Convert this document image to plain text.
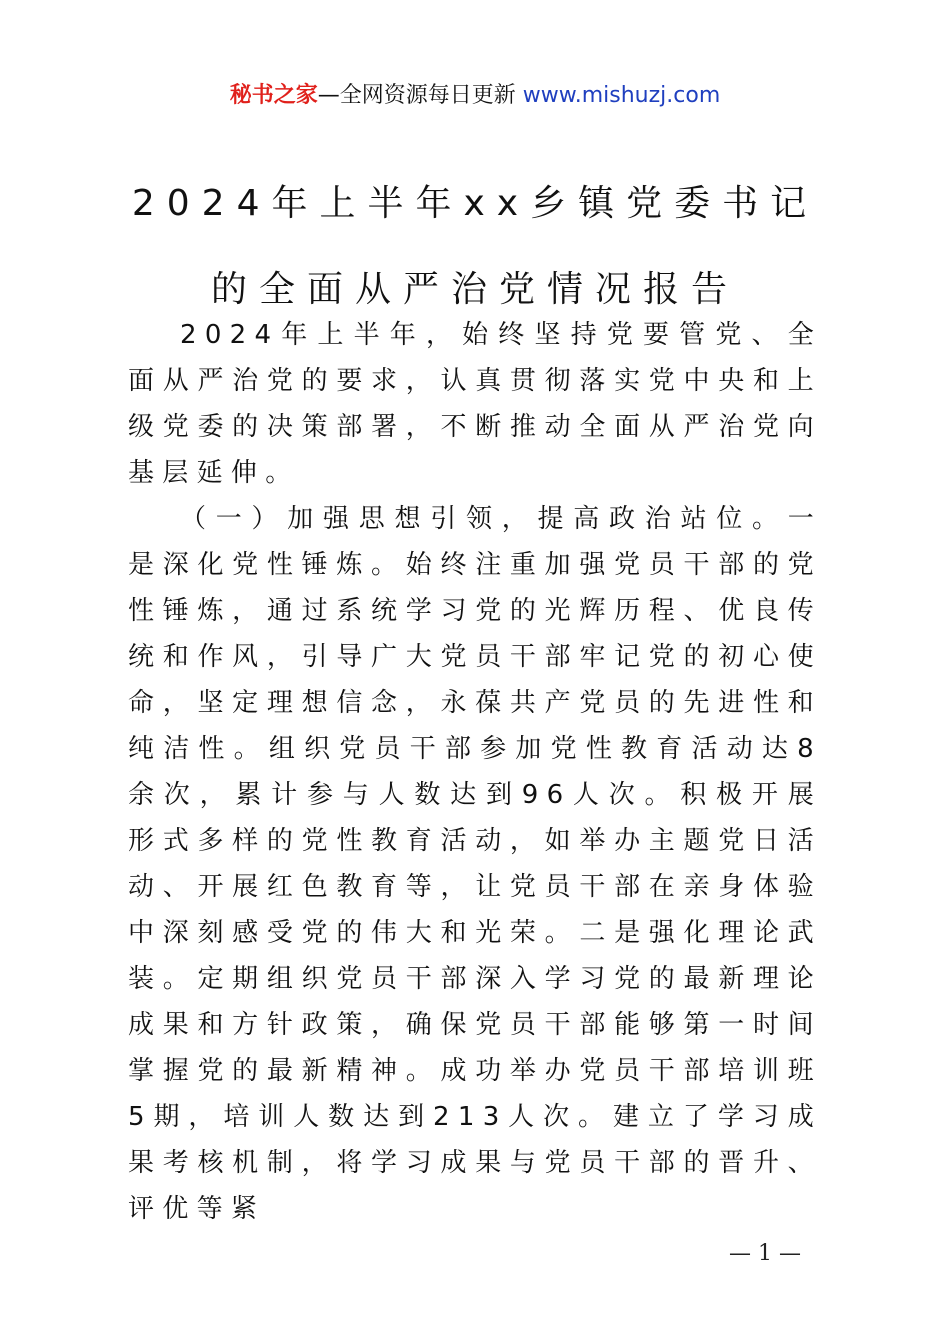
秘书之家—全网资源每日更新 www.mishuzj.com
2024年上半年xx乡镇党委书记
的全面从严治党情况报告

2024年上半年，始终坚持党要管党、全面从严治党的要求，认真贯彻落实党中央和上级党委的决策部署，不断推动全面从严治党向基层延伸。

（一）加强思想引领，提高政治站位。一是深化党性锤炼。始终注重加强党员干部的党性锤炼，通过系统学习党的光辉历程、优良传统和作风，引导广大党员干部牢记党的初心使命，坚定理想信念，永葆共产党员的先进性和纯洁性。组织党员干部参加党性教育活动达8余次，累计参与人数达到96人次。积极开展形式多样的党性教育活动，如举办主题党日活动、开展红色教育等，让党员干部在亲身体验中深刻感受党的伟大和光荣。二是强化理论武装。定期组织党员干部深入学习党的最新理论成果和方针政策，确保党员干部能够第一时间掌握党的最新精神。成功举办党员干部培训班5期，培训人数达到213人次。建立了学习成果考核机制，将学习成果与党员干部的晋升、评优等紧

— 1 —
